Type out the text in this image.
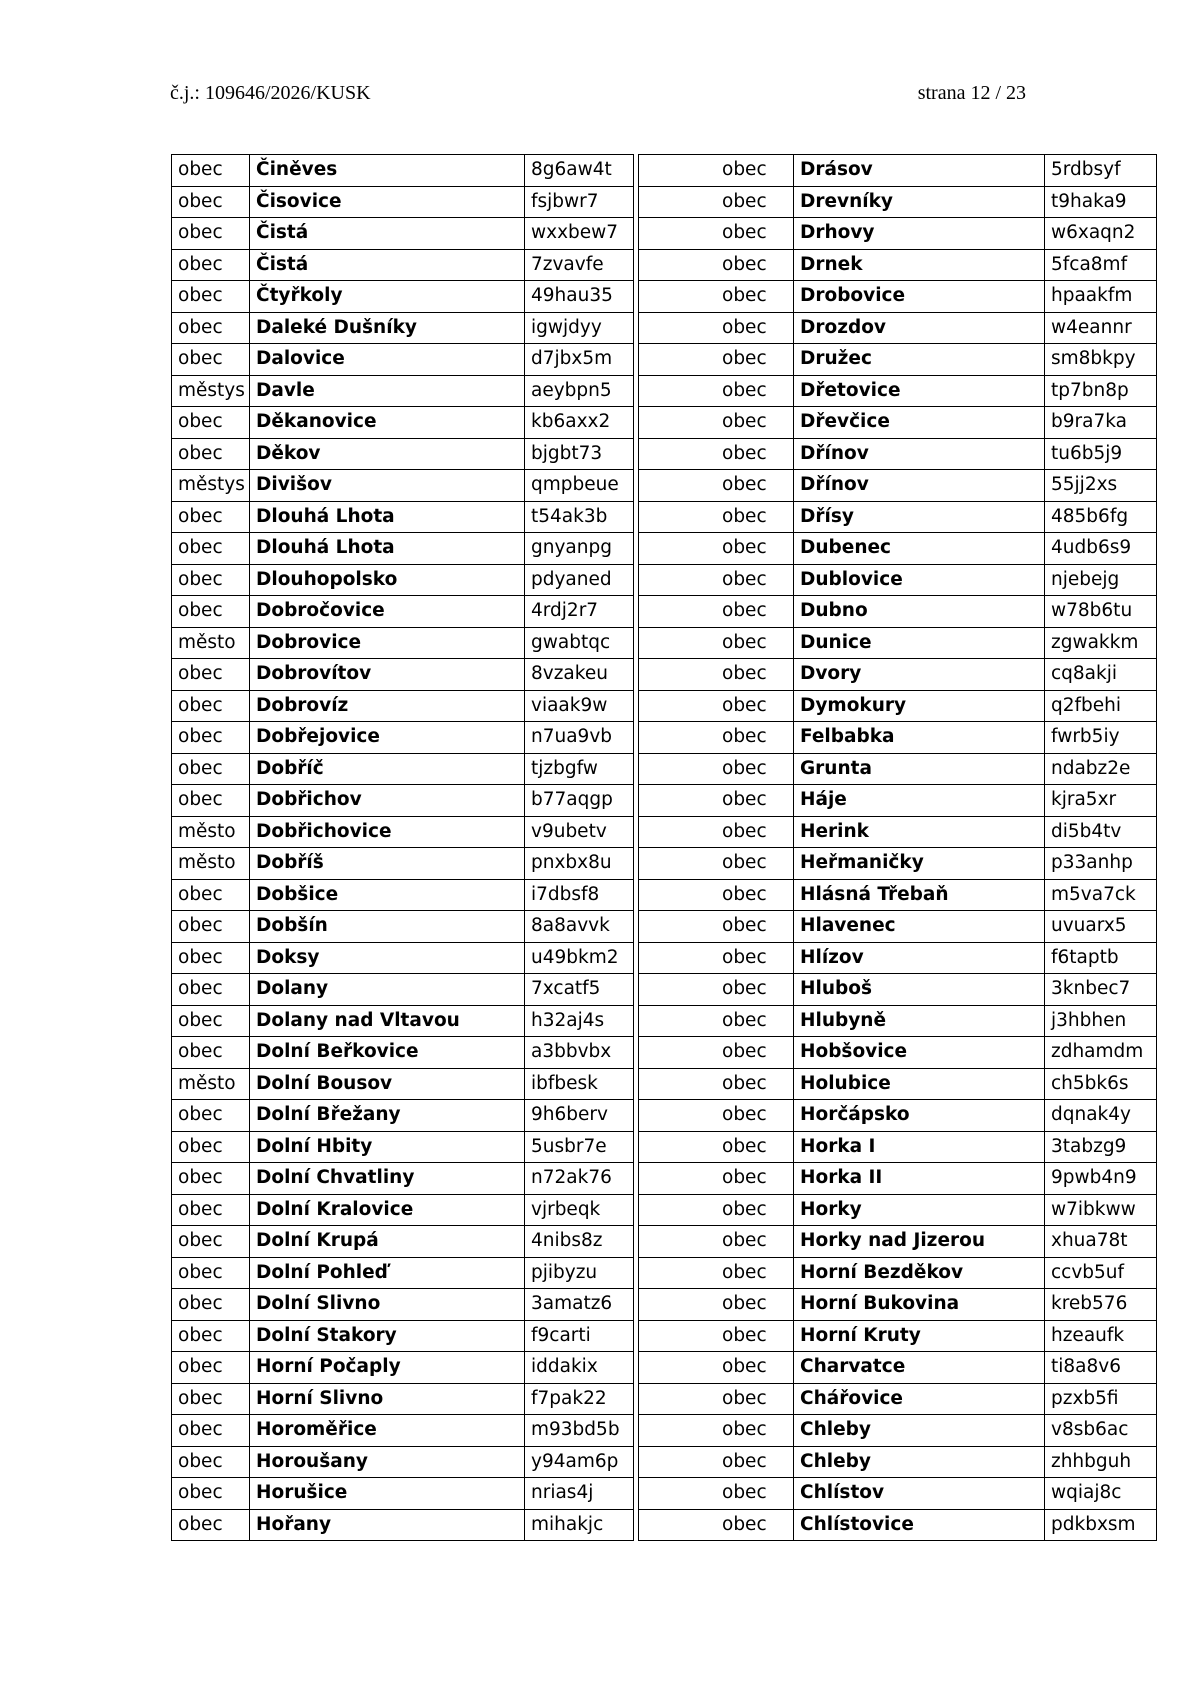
č.j.: 109646/2026/KUSK	strana 12 / 23
obec	Činěves	8g6aw4t		obec	Drásov	5rdbsyf
obec	Čisovice	fsjbwr7		obec	Drevníky	t9haka9
obec	Čistá	wxxbew7		obec	Drhovy	w6xaqn2
obec	Čistá	7zvavfe		obec	Drnek	5fca8mf
obec	Čtyřkoly	49hau35		obec	Drobovice	hpaakfm
obec	Daleké Dušníky	igwjdyy		obec	Drozdov	w4eannr
obec	Dalovice	d7jbx5m		obec	Družec	sm8bkpy
městys	Davle	aeybpn5		obec	Dřetovice	tp7bn8p
obec	Děkanovice	kb6axx2		obec	Dřevčice	b9ra7ka
obec	Děkov	bjgbt73		obec	Dřínov	tu6b5j9
městys	Divišov	qmpbeue		obec	Dřínov	55jj2xs
obec	Dlouhá Lhota	t54ak3b		obec	Dřísy	485b6fg
obec	Dlouhá Lhota	gnyanpg		obec	Dubenec	4udb6s9
obec	Dlouhopolsko	pdyaned		obec	Dublovice	njebejg
obec	Dobročovice	4rdj2r7		obec	Dubno	w78b6tu
město	Dobrovice	gwabtqc		obec	Dunice	zgwakkm
obec	Dobrovítov	8vzakeu		obec	Dvory	cq8akji
obec	Dobrovíz	viaak9w		obec	Dymokury	q2fbehi
obec	Dobřejovice	n7ua9vb		obec	Felbabka	fwrb5iy
obec	Dobříč	tjzbgfw		obec	Grunta	ndabz2e
obec	Dobřichov	b77aqgp		obec	Háje	kjra5xr
město	Dobřichovice	v9ubetv		obec	Herink	di5b4tv
město	Dobříš	pnxbx8u		obec	Heřmaničky	p33anhp
obec	Dobšice	i7dbsf8		obec	Hlásná Třebaň	m5va7ck
obec	Dobšín	8a8avvk		obec	Hlavenec	uvuarx5
obec	Doksy	u49bkm2		obec	Hlízov	f6taptb
obec	Dolany	7xcatf5		obec	Hluboš	3knbec7
obec	Dolany nad Vltavou	h32aj4s		obec	Hlubyně	j3hbhen
obec	Dolní Beřkovice	a3bbvbx		obec	Hobšovice	zdhamdm
město	Dolní Bousov	ibfbesk		obec	Holubice	ch5bk6s
obec	Dolní Břežany	9h6berv		obec	Horčápsko	dqnak4y
obec	Dolní Hbity	5usbr7e		obec	Horka I	3tabzg9
obec	Dolní Chvatliny	n72ak76		obec	Horka II	9pwb4n9
obec	Dolní Kralovice	vjrbeqk		obec	Horky	w7ibkww
obec	Dolní Krupá	4nibs8z		obec	Horky nad Jizerou	xhua78t
obec	Dolní Pohleď	pjibyzu		obec	Horní Bezděkov	ccvb5uf
obec	Dolní Slivno	3amatz6		obec	Horní Bukovina	kreb576
obec	Dolní Stakory	f9carti		obec	Horní Kruty	hzeaufk
obec	Horní Počaply	iddakix		obec	Charvatce	ti8a8v6
obec	Horní Slivno	f7pak22		obec	Chářovice	pzxb5fi
obec	Horoměřice	m93bd5b		obec	Chleby	v8sb6ac
obec	Horoušany	y94am6p		obec	Chleby	zhhbguh
obec	Horušice	nrias4j		obec	Chlístov	wqiaj8c
obec	Hořany	mihakjc		obec	Chlístovice	pdkbxsm
